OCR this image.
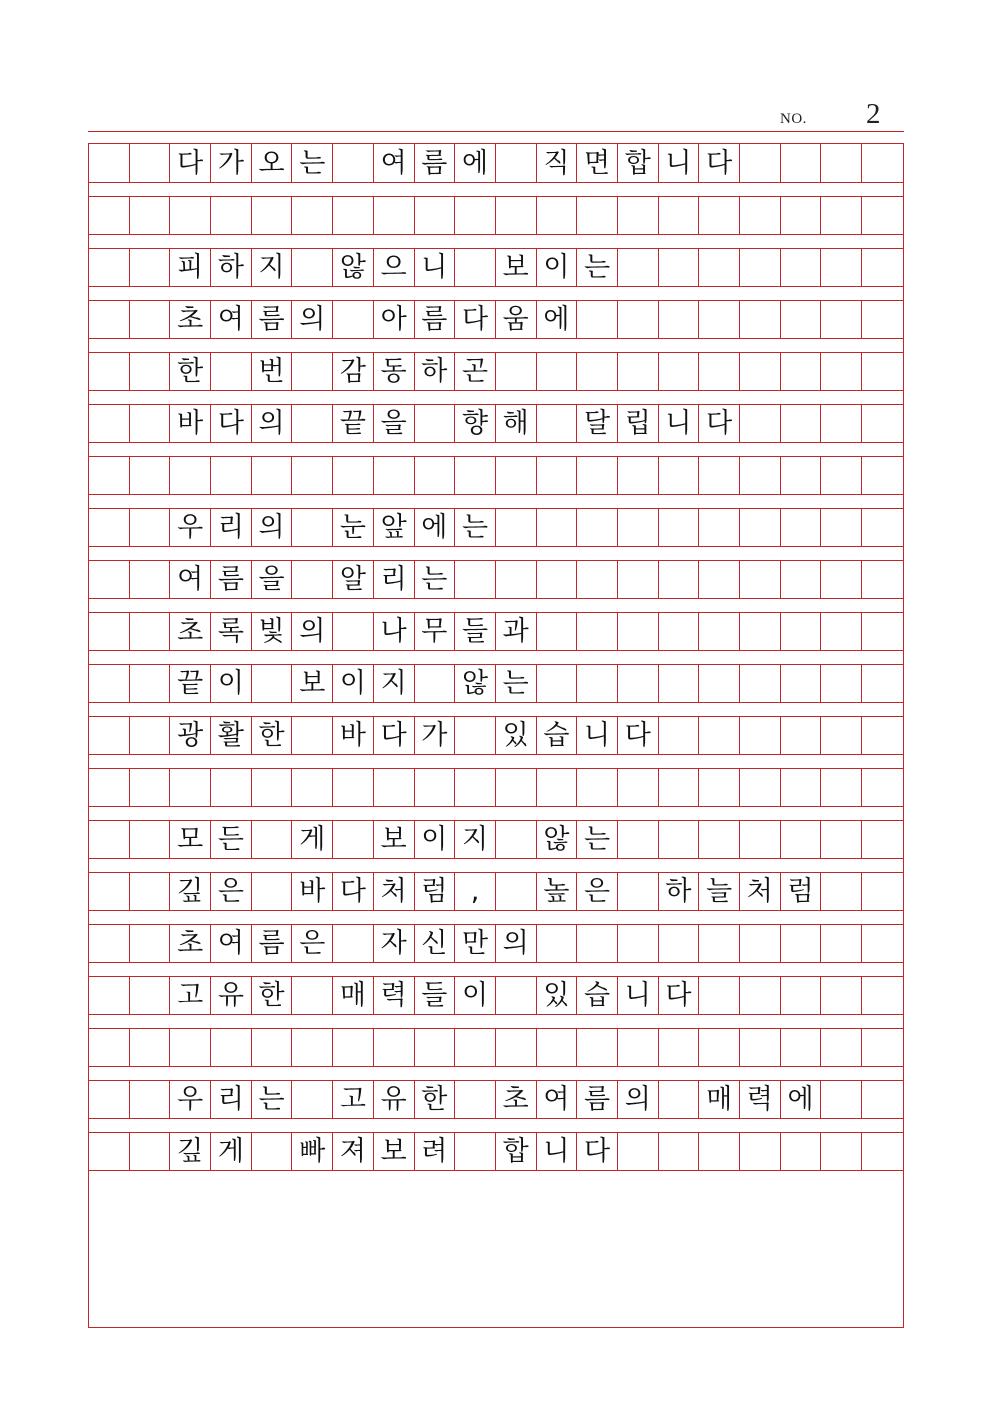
NO. 2
다 가 오 는 여 름 에 직 면 합 니 다
피 하 지 않 으 니 보 이 는
초 여 름 의 아 름 다 움 에
한 번 감 동 하 곤
바 다 의 끝 을 향 해 달 립 니 다
우 리 의 눈 앞 에 는
여 름 을 알 리 는
초 록 빛 의 나 무 들 과
끝 이 보 이 지 않 는
광 활 한 바 다 가 있 습 니 다
모 든 게 보 이 지 않 는
깊 은 바 다 처 럼 ,	높 은 하 늘 처 럼
초 여 름 은 자 신 만 의
고 유 한 매 력 들 이 있 습 니 다
우 리 는 고 유 한 초 여 름 의 매 력 에
깊 게 빠 져 보 려 합 니 다
